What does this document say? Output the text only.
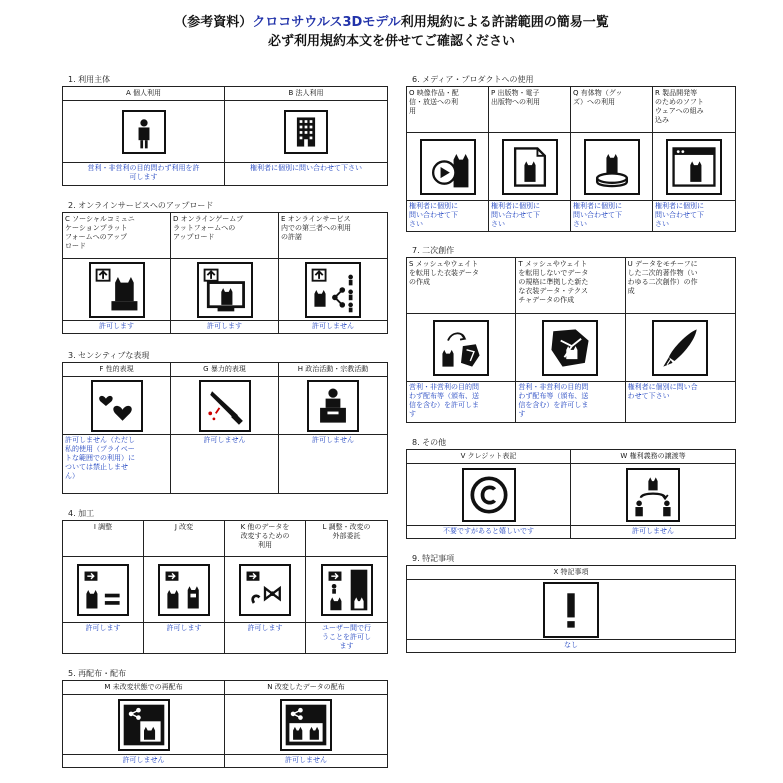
（参考資料）クロコサウルス3Dモデル利用規約による許諾範囲の簡易一覧
必ず利用規約本文を併せてご確認ください
1. 利用主体
A 個人利用
営利・非営利の目的問わず利用を許
可します
B 法人利用
権利者に個別に問い合わせて下さい
2. オンラインサービスへのアップロード
C ソーシャルコミュニ
ケーションプラット
フォームへのアップ
ロード
許可します
D オンラインゲームプ
ラットフォームへの
アップロード
許可します
E オンラインサービス
内での第三者への利用
の許諾
許可しません
3. センシティブな表現
F 性的表現
許可しません（ただし
私的使用（プライベー
トな範囲での利用）に
ついては禁止しませ
ん）
G 暴力的表現
許可しません
H 政治活動・宗教活動
許可しません
4. 加工
I 調整
許可します
J 改変
許可します
K 他のデータを
改変するための
利用
許可します
L 調整・改変の
外部委託
ユーザー間で行
うことを許可し
ます
5. 再配布・配布
M 未改変状態での再配布
許可しません
N 改変したデータの配布
許可しません
6. メディア・プロダクトへの使用
O 映像作品・配
信・放送への利
用
権利者に個別に
問い合わせて下
さい
P 出版物・電子
出版物への利用
権利者に個別に
問い合わせて下
さい
Q 有体物（グッ
ズ）への利用
権利者に個別に
問い合わせて下
さい
R 製品開発等
のためのソフト
ウェアへの組み
込み
権利者に個別に
問い合わせて下
さい
7. 二次創作
S メッシュやウェイト
を転用した衣装データ
の作成
営利・非営利の目的問
わず配布等（頒布、送
信を含む）を許可しま
す
T メッシュやウェイト
を転用しないでデータ
の規格に準拠した新た
な衣装データ・テクス
チャデータの作成
営利・非営利の目的問
わず配布等（頒布、送
信を含む）を許可しま
す
U データをモチーフに
した二次的著作物（い
わゆる二次創作）の作
成
権利者に個別に問い合
わせて下さい
8. その他
V クレジット表記
不要ですがあると嬉しいです
W 権利義務の譲渡等
許可しません
9. 特記事項
X 特記事項
なし
